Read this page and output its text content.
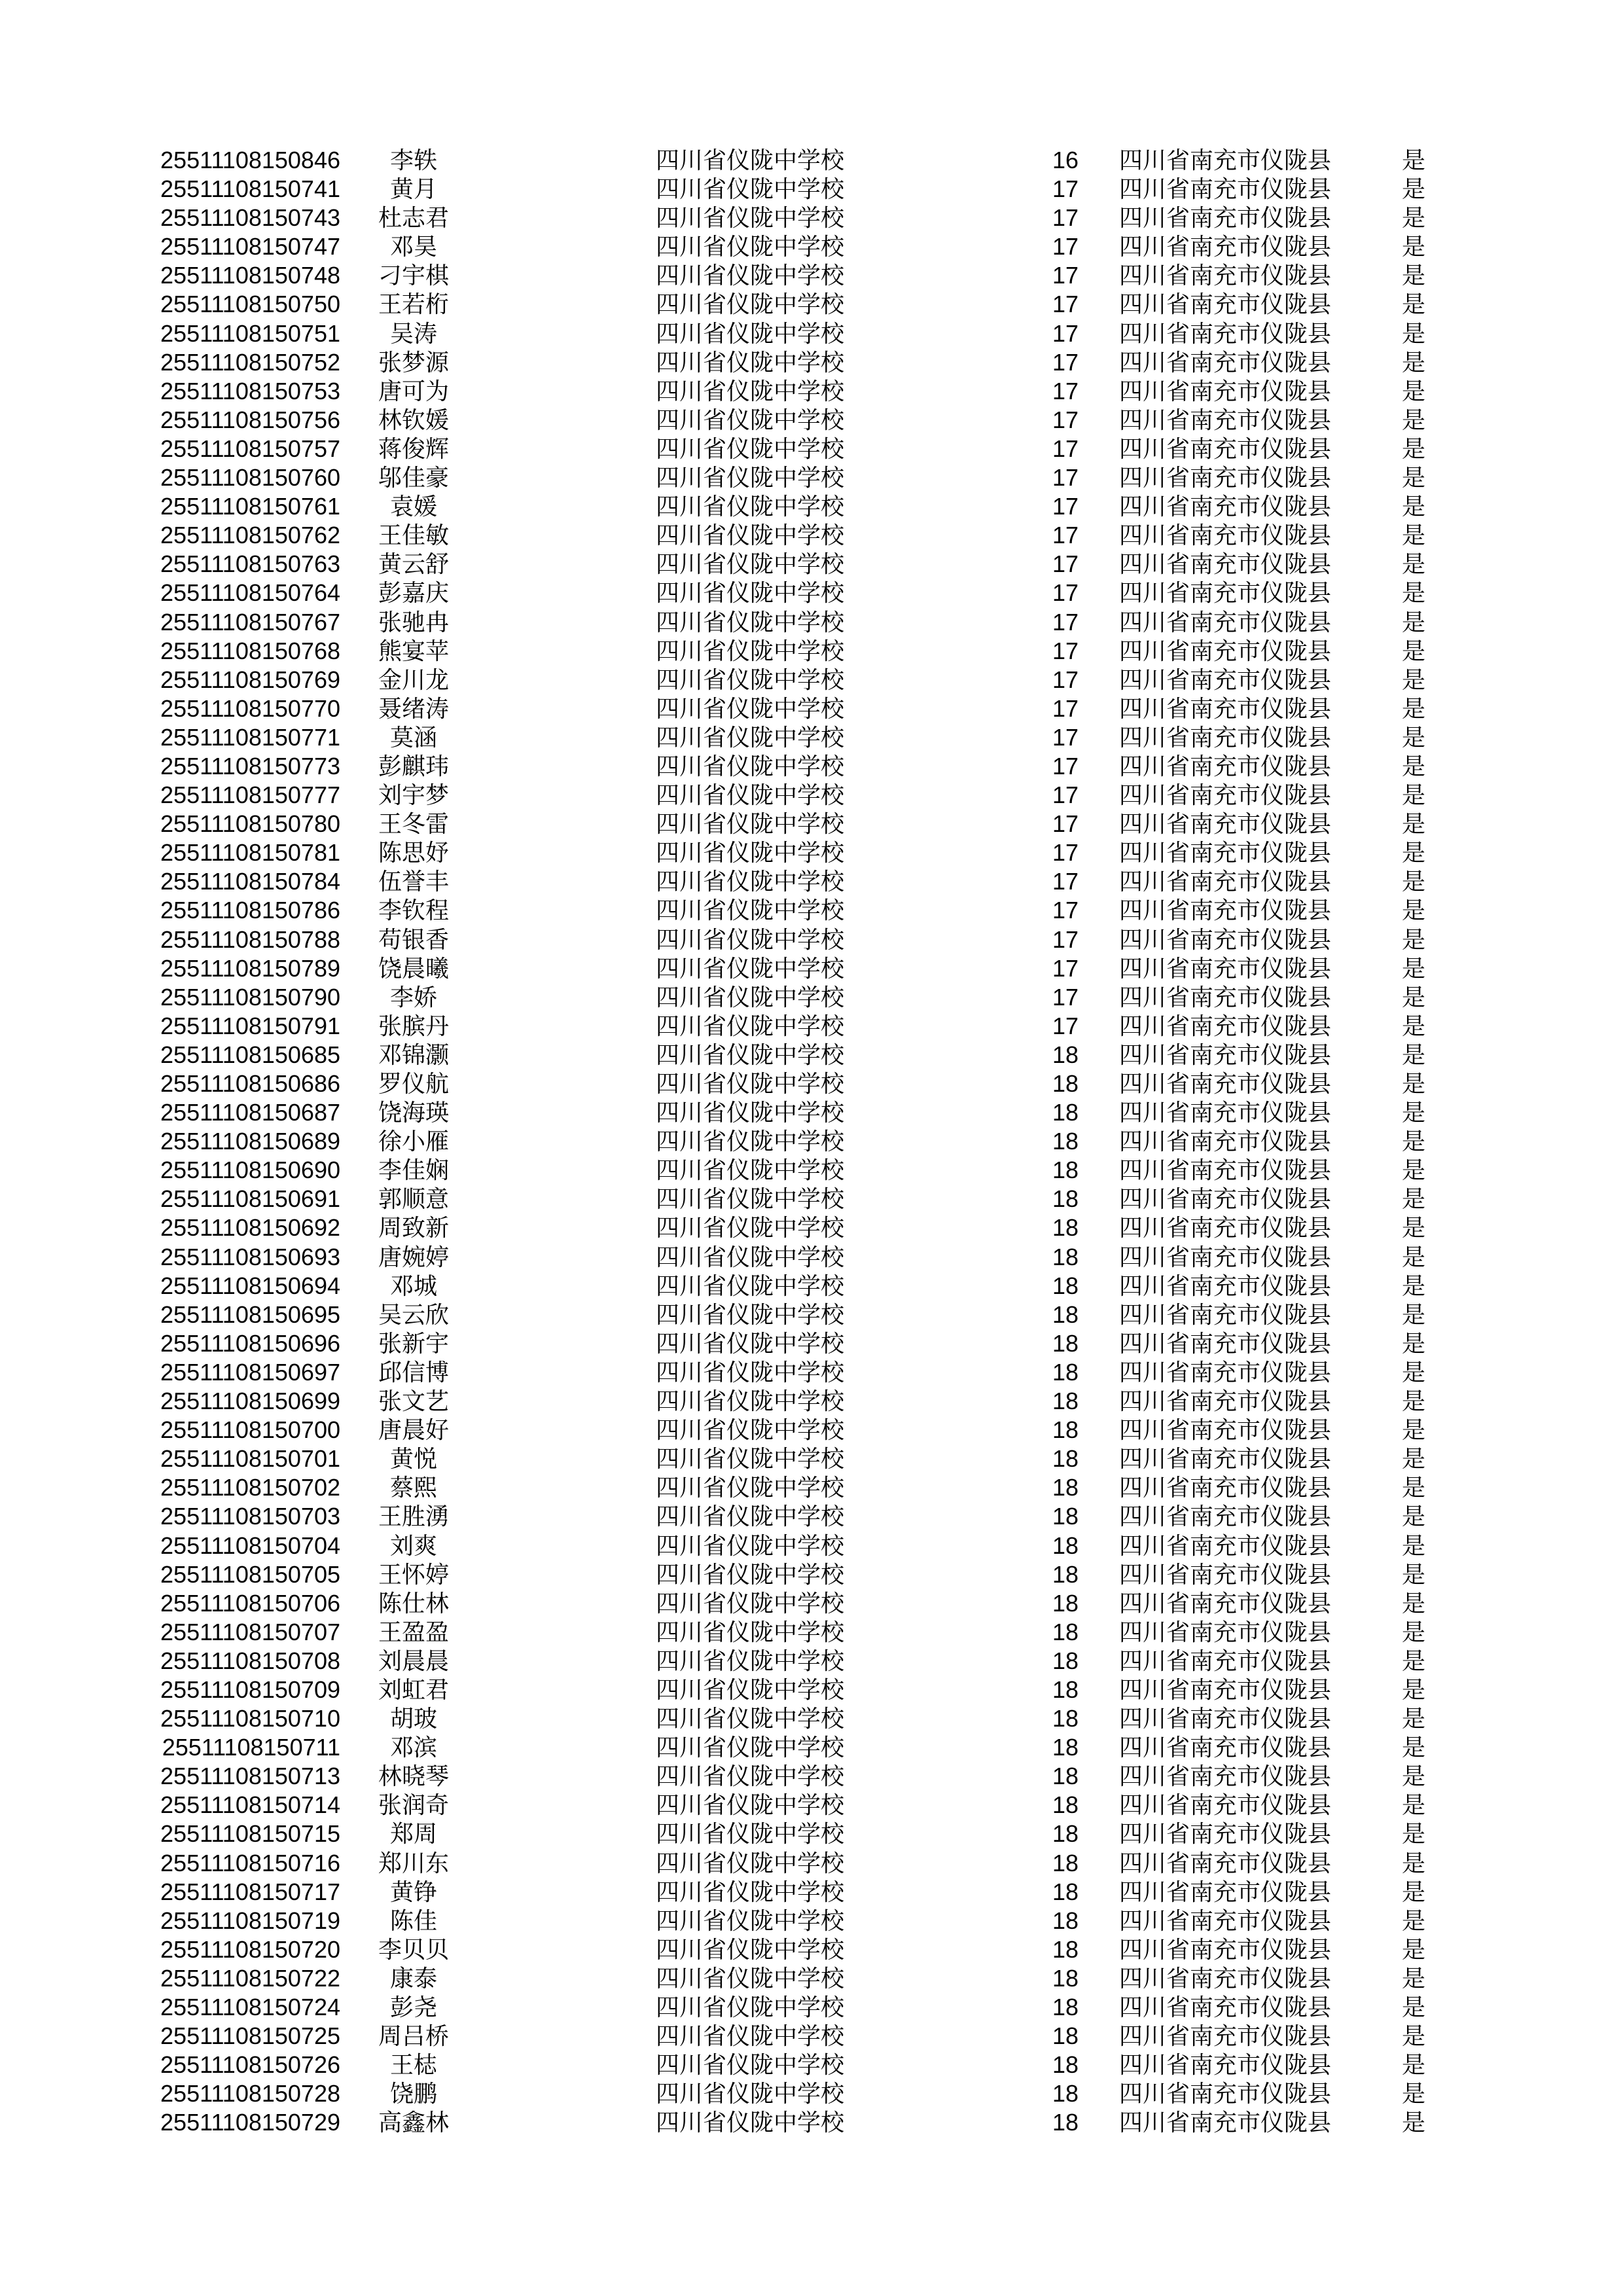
25511108150846	李轶	四川省仪陇中学校	16	四川省南充市仪陇县	是
25511108150741	黄月	四川省仪陇中学校	17	四川省南充市仪陇县	是
25511108150743	杜志君	四川省仪陇中学校	17	四川省南充市仪陇县	是
25511108150747	邓昊	四川省仪陇中学校	17	四川省南充市仪陇县	是
25511108150748	刁宇棋	四川省仪陇中学校	17	四川省南充市仪陇县	是
25511108150750	王若桁	四川省仪陇中学校	17	四川省南充市仪陇县	是
25511108150751	吴涛	四川省仪陇中学校	17	四川省南充市仪陇县	是
25511108150752	张梦源	四川省仪陇中学校	17	四川省南充市仪陇县	是
25511108150753	唐可为	四川省仪陇中学校	17	四川省南充市仪陇县	是
25511108150756	林钦媛	四川省仪陇中学校	17	四川省南充市仪陇县	是
25511108150757	蒋俊辉	四川省仪陇中学校	17	四川省南充市仪陇县	是
25511108150760	邬佳豪	四川省仪陇中学校	17	四川省南充市仪陇县	是
25511108150761	袁媛	四川省仪陇中学校	17	四川省南充市仪陇县	是
25511108150762	王佳敏	四川省仪陇中学校	17	四川省南充市仪陇县	是
25511108150763	黄云舒	四川省仪陇中学校	17	四川省南充市仪陇县	是
25511108150764	彭嘉庆	四川省仪陇中学校	17	四川省南充市仪陇县	是
25511108150767	张驰冉	四川省仪陇中学校	17	四川省南充市仪陇县	是
25511108150768	熊宴苹	四川省仪陇中学校	17	四川省南充市仪陇县	是
25511108150769	金川龙	四川省仪陇中学校	17	四川省南充市仪陇县	是
25511108150770	聂绪涛	四川省仪陇中学校	17	四川省南充市仪陇县	是
25511108150771	莫涵	四川省仪陇中学校	17	四川省南充市仪陇县	是
25511108150773	彭麒玮	四川省仪陇中学校	17	四川省南充市仪陇县	是
25511108150777	刘宇梦	四川省仪陇中学校	17	四川省南充市仪陇县	是
25511108150780	王冬雷	四川省仪陇中学校	17	四川省南充市仪陇县	是
25511108150781	陈思妤	四川省仪陇中学校	17	四川省南充市仪陇县	是
25511108150784	伍誉丰	四川省仪陇中学校	17	四川省南充市仪陇县	是
25511108150786	李钦程	四川省仪陇中学校	17	四川省南充市仪陇县	是
25511108150788	苟银香	四川省仪陇中学校	17	四川省南充市仪陇县	是
25511108150789	饶晨曦	四川省仪陇中学校	17	四川省南充市仪陇县	是
25511108150790	李娇	四川省仪陇中学校	17	四川省南充市仪陇县	是
25511108150791	张膑丹	四川省仪陇中学校	17	四川省南充市仪陇县	是
25511108150685	邓锦灏	四川省仪陇中学校	18	四川省南充市仪陇县	是
25511108150686	罗仪航	四川省仪陇中学校	18	四川省南充市仪陇县	是
25511108150687	饶海瑛	四川省仪陇中学校	18	四川省南充市仪陇县	是
25511108150689	徐小雁	四川省仪陇中学校	18	四川省南充市仪陇县	是
25511108150690	李佳娴	四川省仪陇中学校	18	四川省南充市仪陇县	是
25511108150691	郭顺意	四川省仪陇中学校	18	四川省南充市仪陇县	是
25511108150692	周致新	四川省仪陇中学校	18	四川省南充市仪陇县	是
25511108150693	唐婉婷	四川省仪陇中学校	18	四川省南充市仪陇县	是
25511108150694	邓城	四川省仪陇中学校	18	四川省南充市仪陇县	是
25511108150695	吴云欣	四川省仪陇中学校	18	四川省南充市仪陇县	是
25511108150696	张新宇	四川省仪陇中学校	18	四川省南充市仪陇县	是
25511108150697	邱信博	四川省仪陇中学校	18	四川省南充市仪陇县	是
25511108150699	张文艺	四川省仪陇中学校	18	四川省南充市仪陇县	是
25511108150700	唐晨好	四川省仪陇中学校	18	四川省南充市仪陇县	是
25511108150701	黄悦	四川省仪陇中学校	18	四川省南充市仪陇县	是
25511108150702	蔡熙	四川省仪陇中学校	18	四川省南充市仪陇县	是
25511108150703	王胜湧	四川省仪陇中学校	18	四川省南充市仪陇县	是
25511108150704	刘爽	四川省仪陇中学校	18	四川省南充市仪陇县	是
25511108150705	王怀婷	四川省仪陇中学校	18	四川省南充市仪陇县	是
25511108150706	陈仕林	四川省仪陇中学校	18	四川省南充市仪陇县	是
25511108150707	王盈盈	四川省仪陇中学校	18	四川省南充市仪陇县	是
25511108150708	刘晨晨	四川省仪陇中学校	18	四川省南充市仪陇县	是
25511108150709	刘虹君	四川省仪陇中学校	18	四川省南充市仪陇县	是
25511108150710	胡玻	四川省仪陇中学校	18	四川省南充市仪陇县	是
25511108150711	邓滨	四川省仪陇中学校	18	四川省南充市仪陇县	是
25511108150713	林晓琴	四川省仪陇中学校	18	四川省南充市仪陇县	是
25511108150714	张润奇	四川省仪陇中学校	18	四川省南充市仪陇县	是
25511108150715	郑周	四川省仪陇中学校	18	四川省南充市仪陇县	是
25511108150716	郑川东	四川省仪陇中学校	18	四川省南充市仪陇县	是
25511108150717	黄铮	四川省仪陇中学校	18	四川省南充市仪陇县	是
25511108150719	陈佳	四川省仪陇中学校	18	四川省南充市仪陇县	是
25511108150720	李贝贝	四川省仪陇中学校	18	四川省南充市仪陇县	是
25511108150722	康泰	四川省仪陇中学校	18	四川省南充市仪陇县	是
25511108150724	彭尧	四川省仪陇中学校	18	四川省南充市仪陇县	是
25511108150725	周吕桥	四川省仪陇中学校	18	四川省南充市仪陇县	是
25511108150726	王梽	四川省仪陇中学校	18	四川省南充市仪陇县	是
25511108150728	饶鹏	四川省仪陇中学校	18	四川省南充市仪陇县	是
25511108150729	高鑫林	四川省仪陇中学校	18	四川省南充市仪陇县	是
